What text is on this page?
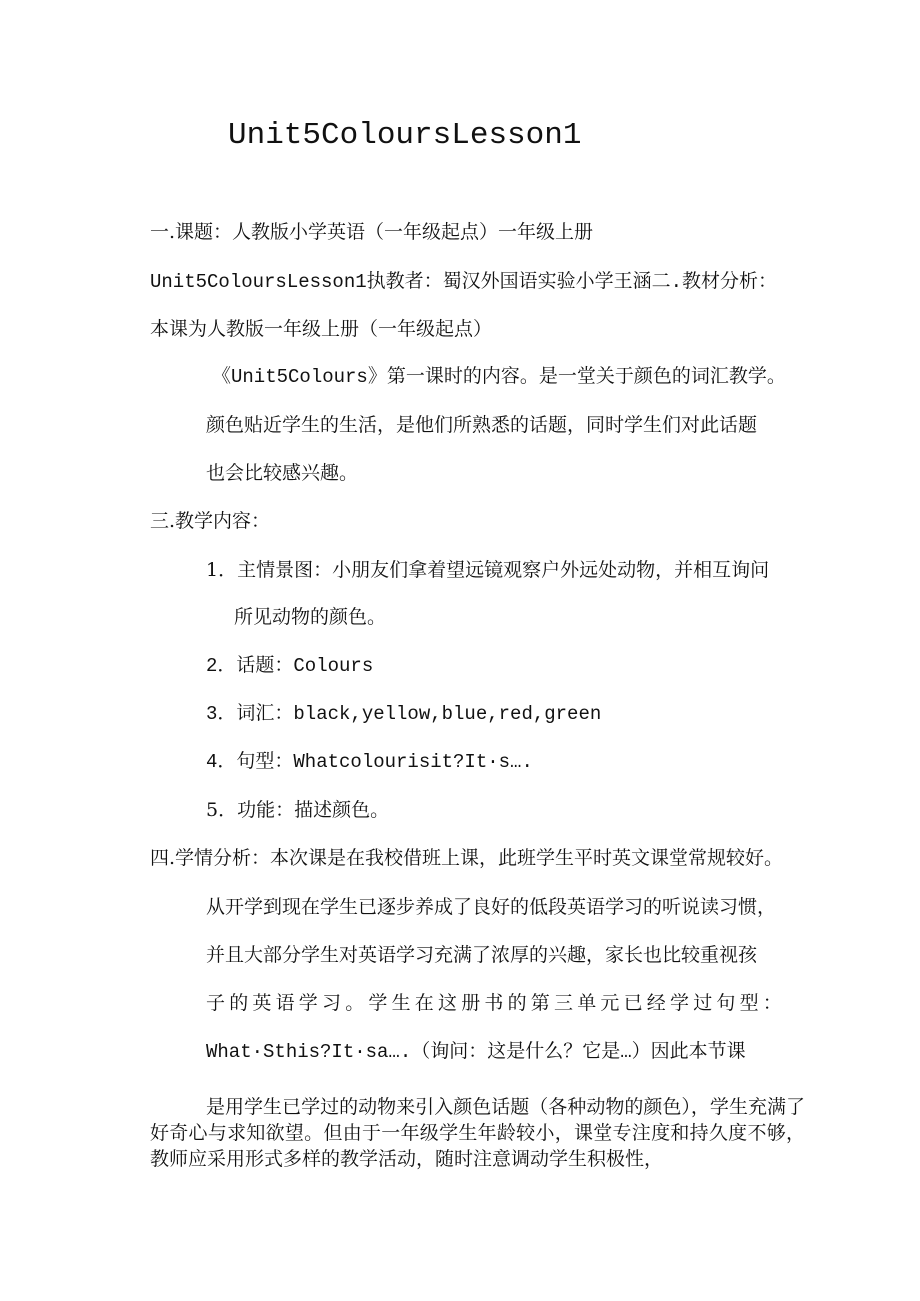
Unit5ColoursLesson1
一.课题：人教版小学英语（一年级起点）一年级上册
Unit5ColoursLesson1执教者：蜀汉外国语实验小学王涵二.教材分析：
本课为人教版一年级上册（一年级起点）
《Unit5Colours》第一课时的内容。是一堂关于颜色的词汇教学。
颜色贴近学生的生活，是他们所熟悉的话题，同时学生们对此话题
也会比较感兴趣。
三.教学内容：
1．主情景图：小朋友们拿着望远镜观察户外远处动物，并相互询问
所见动物的颜色。
2．话题：Colours
3．词汇：black,yellow,blue,red,green
4．句型：Whatcolourisit?It·s….
5．功能：描述颜色。
四.学情分析：本次课是在我校借班上课，此班学生平时英文课堂常规较好。
从开学到现在学生已逐步养成了良好的低段英语学习的听说读习惯，
并且大部分学生对英语学习充满了浓厚的兴趣，家长也比较重视孩
子的英语学习。学生在这册书的第三单元已经学过句型：
What·Sthis?It·sa….（询问：这是什么？它是…）因此本节课
是用学生已学过的动物来引入颜色话题（各种动物的颜色），学生充满了好奇心与求知欲望。但由于一年级学生年龄较小，课堂专注度和持久度不够，教师应采用形式多样的教学活动，随时注意调动学生积极性，
